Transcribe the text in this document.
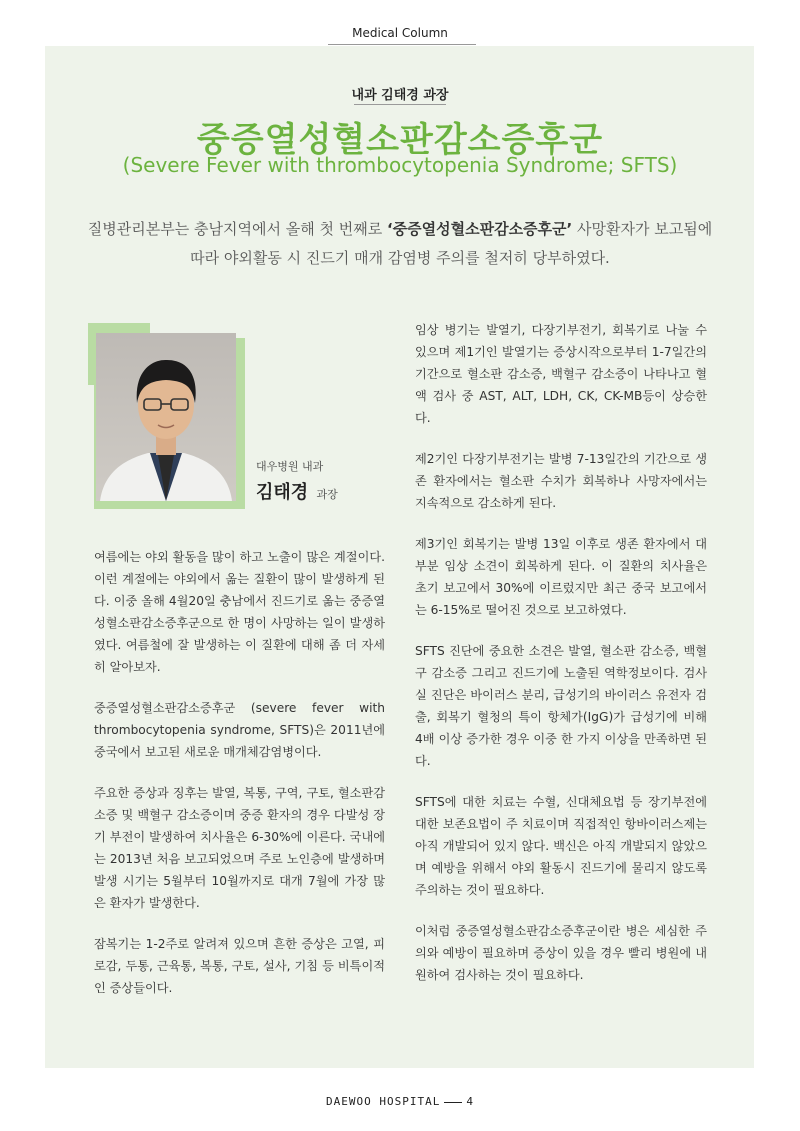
Medical Column
내과 김태경 과장
중증열성혈소판감소증후군
(Severe Fever with thrombocytopenia Syndrome; SFTS)
질병관리본부는 충남지역에서 올해 첫 번째로 ‘중증열성혈소판감소증후군’ 사망환자가 보고됨에 따라 야외활동 시 진드기 매개 감염병 주의를 철저히 당부하였다.
대우병원 내과
김태경 과장

여름에는 야외 활동을 많이 하고 노출이 많은 계절이다. 이런 계절에는 야외에서 옮는 질환이 많이 발생하게 된다. 이중 올해 4월20일 충남에서 진드기로 옮는 중증열성혈소판감소증후군으로 한 명이 사망하는 일이 발생하였다. 여름철에 잘 발생하는 이 질환에 대해 좀 더 자세히 알아보자.

중증열성혈소판감소증후군 (severe fever with thrombocytopenia syndrome, SFTS)은 2011년에 중국에서 보고된 새로운 매개체감염병이다.

주요한 증상과 징후는 발열, 복통, 구역, 구토, 혈소판감소증 및 백혈구 감소증이며 중증 환자의 경우 다발성 장기 부전이 발생하여 치사율은 6-30%에 이른다. 국내에는 2013년 처음 보고되었으며 주로 노인층에 발생하며 발생 시기는 5월부터 10월까지로 대개 7월에 가장 많은 환자가 발생한다.

잠복기는 1-2주로 알려져 있으며 흔한 증상은 고열, 피로감, 두통, 근육통, 복통, 구토, 설사, 기침 등 비특이적인 증상들이다.

임상 병기는 발열기, 다장기부전기, 회복기로 나눌 수 있으며 제1기인 발열기는 증상시작으로부터 1-7일간의 기간으로 혈소판 감소증, 백혈구 감소증이 나타나고 혈액 검사 중 AST, ALT, LDH, CK, CK-MB등이 상승한다.

제2기인 다장기부전기는 발병 7-13일간의 기간으로 생존 환자에서는 혈소판 수치가 회복하나 사망자에서는 지속적으로 감소하게 된다.

제3기인 회복기는 발병 13일 이후로 생존 환자에서 대부분 임상 소견이 회복하게 된다. 이 질환의 치사율은 초기 보고에서 30%에 이르렀지만 최근 중국 보고에서는 6-15%로 떨어진 것으로 보고하였다.

SFTS 진단에 중요한 소견은 발열, 혈소판 감소증, 백혈구 감소증 그리고 진드기에 노출된 역학정보이다. 검사실 진단은 바이러스 분리, 급성기의 바이러스 유전자 검출, 회복기 혈청의 특이 항체가(IgG)가 급성기에 비해 4배 이상 증가한 경우 이중 한 가지 이상을 만족하면 된다.

SFTS에 대한 치료는 수혈, 신대체요법 등 장기부전에 대한 보존요법이 주 치료이며 직접적인 항바이러스제는 아직 개발되어 있지 않다. 백신은 아직 개발되지 않았으며 예방을 위해서 야외 활동시 진드기에 물리지 않도록 주의하는 것이 필요하다.

이처럼 중증열성혈소판감소증후군이란 병은 세심한 주의와 예방이 필요하며 증상이 있을 경우 빨리 병원에 내원하여 검사하는 것이 필요하다.

DAEWOO HOSPITAL 4
